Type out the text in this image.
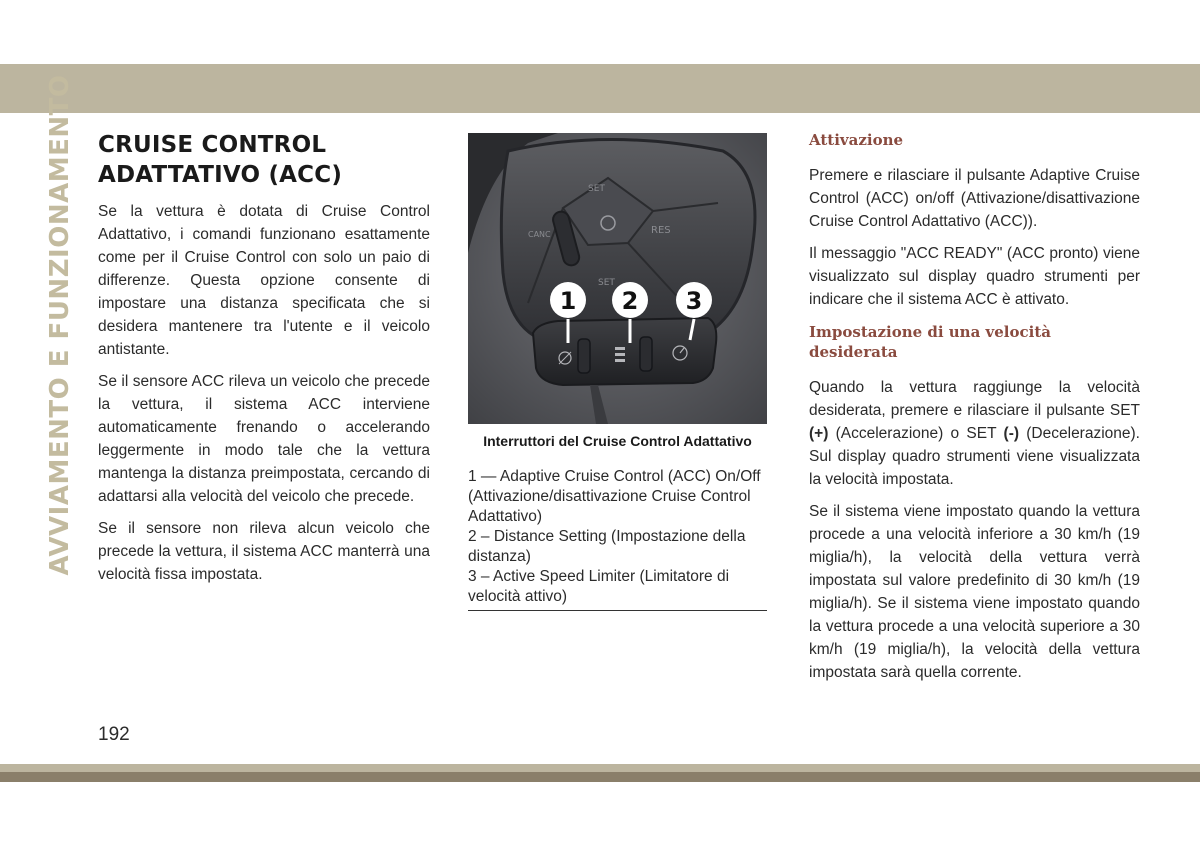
AVVIAMENTO E FUNZIONAMENTO CRUISE CONTROL
ADATTATIVO (ACC)

Se la vettura è dotata di Cruise Control Adattativo, i comandi funzionano esattamente come per il Cruise Control con solo un paio di differenze. Questa opzione consente di impostare una distanza specificata che si desidera mantenere tra l'utente e il veicolo antistante.

Se il sensore ACC rileva un veicolo che precede la vettura, il sistema ACC interviene automaticamente frenando o accelerando leggermente in modo tale che la vettura mantenga la distanza preimpostata, cercando di adattarsi alla velocità del veicolo che precede.

Se il sensore non rileva alcun veicolo che precede la vettura, il sistema ACC manterrà una velocità fissa impostata.

SET
RES
CANC
SET
1 2 3
Interruttori del Cruise Control Adattativo
1 — Adaptive Cruise Control (ACC) On/Off (Attivazione/disattivazione Cruise Control Adattativo)
2 – Distance Setting (Impostazione della distanza)
3 – Active Speed Limiter (Limitatore di velocità attivo)
Attivazione

Premere e rilasciare il pulsante Adaptive Cruise Control (ACC) on/off (Attivazione/disattivazione Cruise Control Adattativo (ACC)).

Il messaggio "ACC READY" (ACC pronto) viene visualizzato sul display quadro strumenti per indicare che il sistema ACC è attivato.

Impostazione di una velocità desiderata

Quando la vettura raggiunge la velocità desiderata, premere e rilasciare il pulsante SET (+) (Accelerazione) o SET (-) (Decelerazione). Sul display quadro strumenti viene visualizzata la velocità impostata.

Se il sistema viene impostato quando la vettura procede a una velocità inferiore a 30 km/h (19 miglia/h), la velocità della vettura verrà impostata sul valore predefinito di 30 km/h (19 miglia/h). Se il sistema viene impostato quando la vettura procede a una velocità superiore a 30 km/h (19 miglia/h), la velocità della vettura impostata sarà quella corrente.

192
